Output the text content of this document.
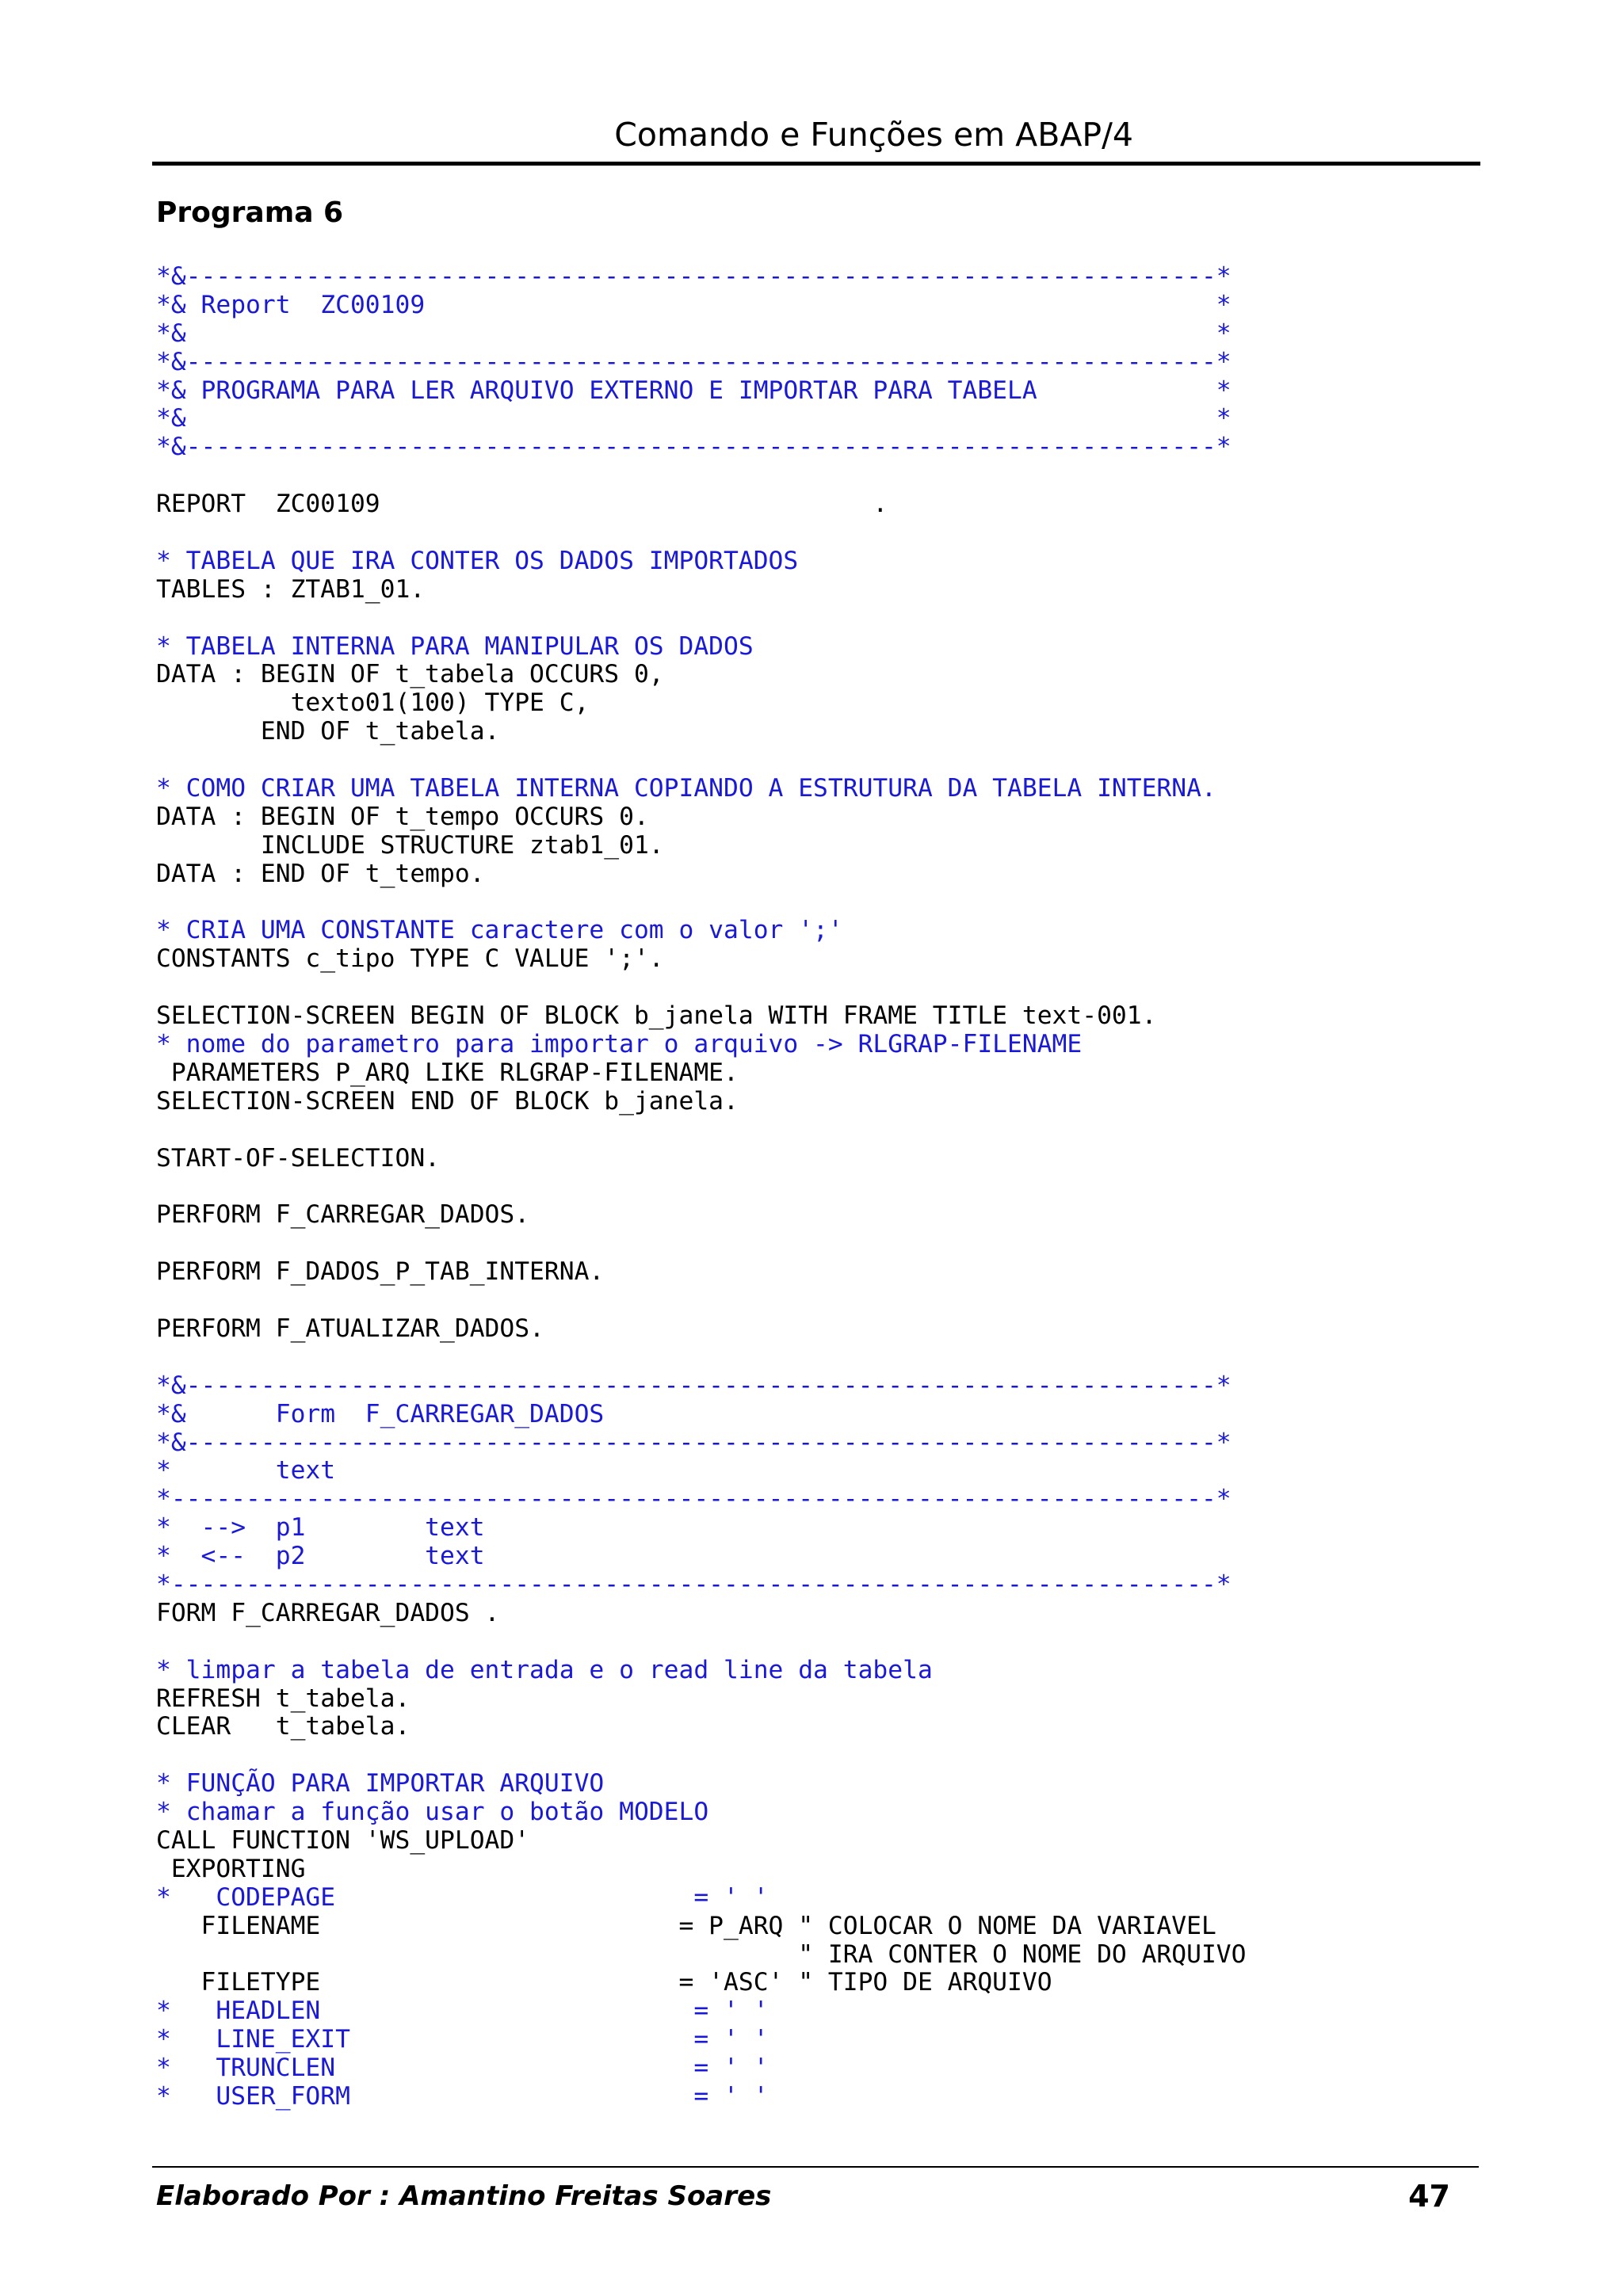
Comando e Funções em ABAP/4
Programa 6
*&---------------------------------------------------------------------*
*& Report  ZC00109                                                     *
*&                                                                     *
*&---------------------------------------------------------------------*
*& PROGRAMA PARA LER ARQUIVO EXTERNO E IMPORTAR PARA TABELA            *
*&                                                                     *
*&---------------------------------------------------------------------*
REPORT  ZC00109                                 .
* TABELA QUE IRA CONTER OS DADOS IMPORTADOS
TABLES : ZTAB1_01.
* TABELA INTERNA PARA MANIPULAR OS DADOS
DATA : BEGIN OF t_tabela OCCURS 0,
texto01(100) TYPE C,
END OF t_tabela.
* COMO CRIAR UMA TABELA INTERNA COPIANDO A ESTRUTURA DA TABELA INTERNA.
DATA : BEGIN OF t_tempo OCCURS 0.
INCLUDE STRUCTURE ztab1_01.
DATA : END OF t_tempo.
* CRIA UMA CONSTANTE caractere com o valor ';'
CONSTANTS c_tipo TYPE C VALUE ';'.
SELECTION-SCREEN BEGIN OF BLOCK b_janela WITH FRAME TITLE text-001.
* nome do parametro para importar o arquivo -> RLGRAP-FILENAME
PARAMETERS P_ARQ LIKE RLGRAP-FILENAME.
SELECTION-SCREEN END OF BLOCK b_janela.
START-OF-SELECTION.
PERFORM F_CARREGAR_DADOS.
PERFORM F_DADOS_P_TAB_INTERNA.
PERFORM F_ATUALIZAR_DADOS.
*&---------------------------------------------------------------------*
*&      Form  F_CARREGAR_DADOS
*&---------------------------------------------------------------------*
*       text
*----------------------------------------------------------------------*
*  -->  p1        text
*  <--  p2        text
*----------------------------------------------------------------------*
FORM F_CARREGAR_DADOS .
* limpar a tabela de entrada e o read line da tabela
REFRESH t_tabela.
CLEAR   t_tabela.
* FUNÇÃO PARA IMPORTAR ARQUIVO
* chamar a função usar o botão MODELO
CALL FUNCTION 'WS_UPLOAD'
EXPORTING
*   CODEPAGE                        = ' '
FILENAME                        = P_ARQ " COLOCAR O NOME DA VARIAVEL
" IRA CONTER O NOME DO ARQUIVO
FILETYPE                        = 'ASC' " TIPO DE ARQUIVO
*   HEADLEN                         = ' '
*   LINE_EXIT                       = ' '
*   TRUNCLEN                        = ' '
*   USER_FORM                       = ' '
Elaborado Por : Amantino Freitas Soares	47
